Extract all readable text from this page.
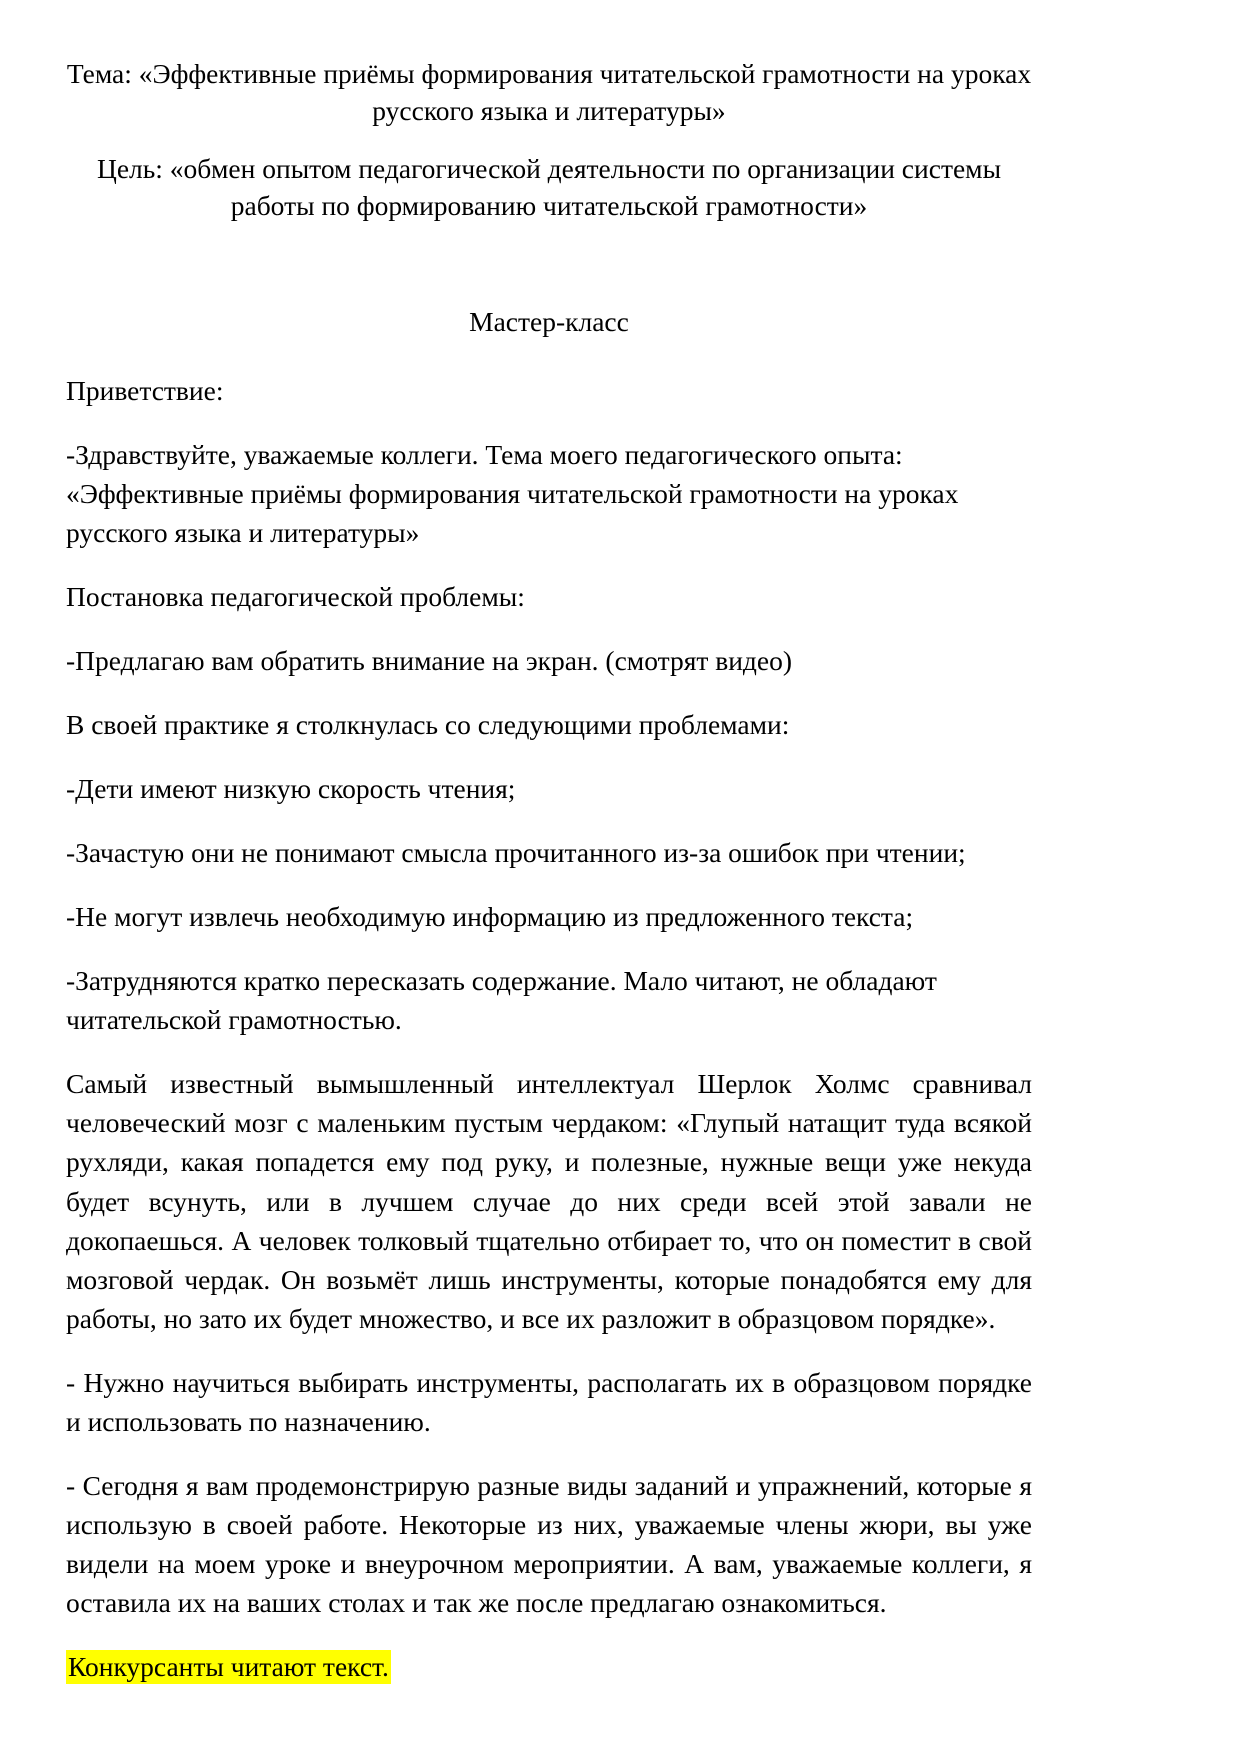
Тема: «Эффективные приёмы формирования читательской грамотности на уроках русского языка и литературы»
Цель: «обмен опытом педагогической деятельности по организации системы работы по формированию читательской грамотности»
Мастер-класс

Приветствие:

-Здравствуйте, уважаемые коллеги. Тема моего педагогического опыта: «Эффективные приёмы формирования читательской грамотности на уроках русского языка и литературы»

Постановка педагогической проблемы:

-Предлагаю вам обратить внимание на экран. (смотрят видео)

В своей практике я столкнулась со следующими проблемами:

-Дети имеют низкую скорость чтения;

-Зачастую они не понимают смысла прочитанного из-за ошибок при чтении;

-Не могут извлечь необходимую информацию из предложенного текста;

-Затрудняются кратко пересказать содержание. Мало читают, не обладают читательской грамотностью.

Самый известный вымышленный интеллектуал Шерлок Холмс сравнивал человеческий мозг с маленьким пустым чердаком: «Глупый натащит туда всякой рухляди, какая попадется ему под руку, и полезные, нужные вещи уже некуда будет всунуть, или в лучшем случае до них среди всей этой завали не докопаешься. А человек толковый тщательно отбирает то, что он поместит в свой мозговой чердак. Он возьмёт лишь инструменты, которые понадобятся ему для работы, но зато их будет множество, и все их разложит в образцовом порядке».

- Нужно научиться выбирать инструменты, располагать их в образцовом порядке и использовать по назначению.

- Сегодня я вам продемонстрирую разные виды заданий и упражнений, которые я использую в своей работе. Некоторые из них, уважаемые члены жюри, вы уже видели на моем уроке и внеурочном мероприятии. А вам, уважаемые коллеги, я оставила их на ваших столах и так же после предлагаю ознакомиться.

Конкурсанты читают текст.
